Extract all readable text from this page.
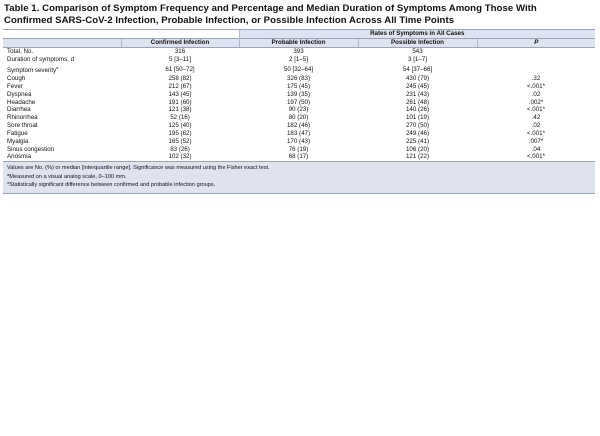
Table 1. Comparison of Symptom Frequency and Percentage and Median Duration of Symptoms Among Those With
Confirmed SARS-CoV-2 Infection, Probable Infection, or Possible Infection Across All Time Points
		Rates of Symptoms in All Cases		
	Confirmed Infection	Probable Infection	Possible Infection	P
Total, No.	316	393	543	
Duration of symptoms, d	5 [3–11]	2 [1–5]	3 [1–7]	
Symptom severity$^a$	61 [50–72]	50 [32–64]	54 [37–66]	
Cough	258 (82)	326 (83)	430 (79)	.32
Fever	212 (67)	175 (45)	245 (45)	<.001*
Dyspnea	143 (45)	139 (35)	231 (43)	.02
Headache	191 (60)	197 (50)	261 (48)	.002*
Diarrhea	121 (38)	90 (23)	140 (26)	<.001*
Rhinorrhea	52 (16)	80 (20)	101 (19)	.42
Sore throat	125 (40)	182 (46)	270 (50)	.02
Fatigue	195 (62)	183 (47)	249 (46)	<.001*
Myalgia	165 (52)	170 (43)	225 (41)	.007*
Sinus congestion	83 (26)	76 (19)	106 (20)	.04
Anosmia	102 (32)	68 (17)	121 (22)	<.001*
Values are No. (%) or median [interquartile range]. Significance was measured using the Fisher exact test.
$^a$Measured on a visual analog scale, 0–100 mm.
*Statistically significant difference between confirmed and probable infection groups.
